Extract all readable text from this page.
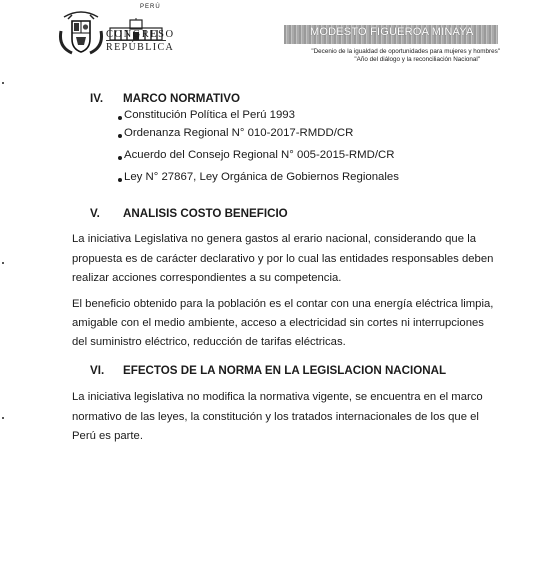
PERÚ
CONGRESO
REPÚBLICA
MODESTO FIGUEROA MINAYA
"Decenio de la igualdad de oportunidades para mujeres y hombres"
"Año del diálogo y la reconciliación Nacional"
IV. MARCO NORMATIVO
Constitución Política el Perú 1993
Ordenanza Regional N° 010-2017-RMDD/CR
Acuerdo del Consejo Regional N° 005-2015-RMD/CR
Ley N° 27867, Ley Orgánica de Gobiernos Regionales
V. ANALISIS COSTO BENEFICIO
La iniciativa Legislativa no genera gastos al erario nacional, considerando que la
propuesta es de carácter declarativo y por lo cual las entidades responsables deben
realizar acciones correspondientes a su competencia.
El beneficio obtenido para la población es el contar con una energía eléctrica limpia,
amigable con el medio ambiente, acceso a electricidad sin cortes ni interrupciones
del suministro eléctrico, reducción de tarifas eléctricas.
VI. EFECTOS DE LA NORMA EN LA LEGISLACION NACIONAL
La iniciativa legislativa no modifica la normativa vigente, se encuentra en el marco
normativo de las leyes, la constitución y los tratados internacionales de los que el
Perú es parte.
